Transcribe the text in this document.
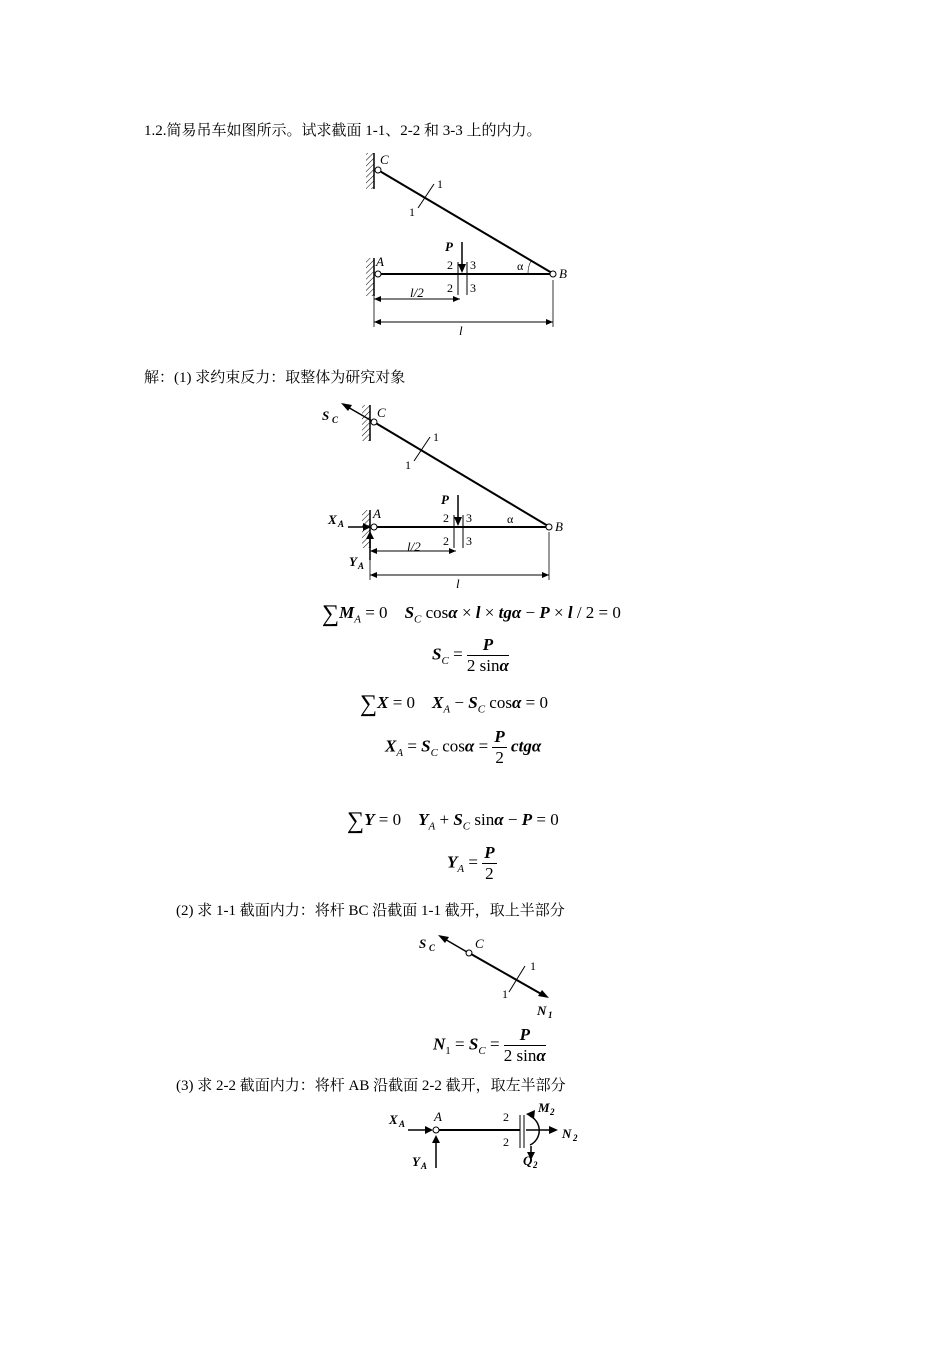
1.2.简易吊车如图所示。试求截面 1-1、2-2 和 3-3 上的内力。
C
1
1
A
B
P
2 3
2 3
α
l/2
l
S C	C
1
1
X A
A
B
P
2 3
2 3
α
Y A
l/2
l
S C	C
1
1
N 1
X A A	2
2
M 2
N 2
Q 2
Y A
解：(1) 求约束反力：取整体为研究对象
$\sum M_A = 0$    $S_C$ cosα × l × tgα − P × l / 2 = 0
$S_C = \frac{P}{2 \sin\alpha}$
∑X = 0    $X_A - S_C$ cosα = 0
$X_A = S_C$ $\cos\alpha = \frac{P}{2}$ ctgα
∑Y = 0    $Y_A + S_C$ sinα − P = 0
$Y_A = \frac{P}{2}$
(2) 求 1-1 截面内力：将杆 BC 沿截面 1-1 截开，取上半部分
$N_1 = S_C = \frac{P}{2 \sin\alpha}$
(3) 求 2-2 截面内力：将杆 AB 沿截面 2-2 截开，取左半部分
